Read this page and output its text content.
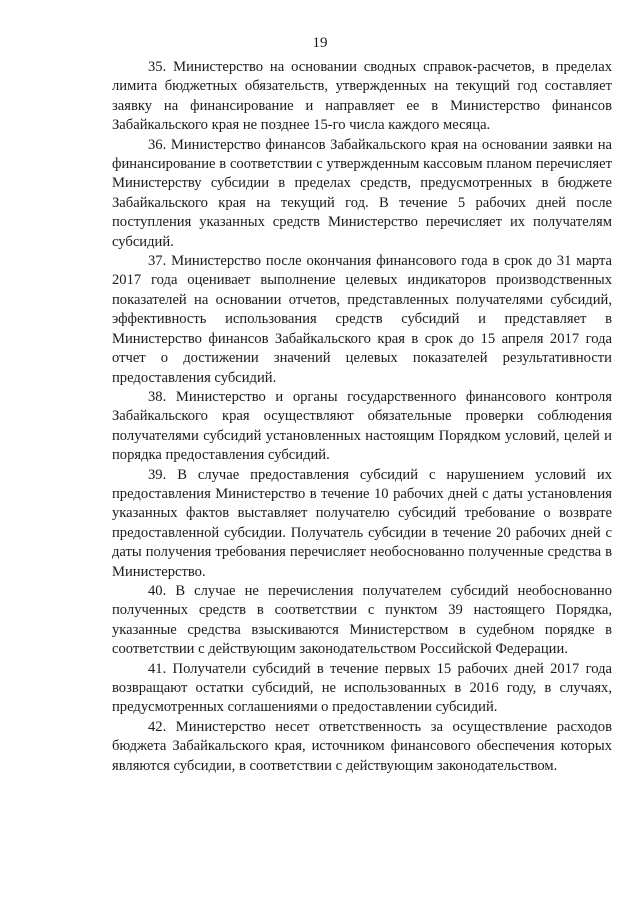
19

35. Министерство на основании сводных справок-расчетов, в пределах лимита бюджетных обязательств, утвержденных на текущий год составляет заявку на финансирование и направляет ее в Министерство финансов Забайкальского края не позднее 15-го числа каждого месяца.

36. Министерство финансов Забайкальского края на основании заявки на финансирование в соответствии с утвержденным кассовым планом перечисляет Министерству субсидии в пределах средств, предусмотренных в бюджете Забайкальского края на текущий год. В течение 5 рабочих дней после поступления указанных средств Министерство перечисляет их получателям субсидий.

37. Министерство после окончания финансового года в срок до 31 марта 2017 года оценивает выполнение целевых индикаторов производственных показателей на основании отчетов, представленных получателями субсидий, эффективность использования средств субсидий и представляет в Министерство финансов Забайкальского края в срок до 15 апреля 2017 года отчет о достижении значений целевых показателей результативности предоставления субсидий.

38. Министерство и органы государственного финансового контроля Забайкальского края осуществляют обязательные проверки соблюдения получателями субсидий установленных настоящим Порядком условий, целей и порядка предоставления субсидий.

39. В случае предоставления субсидий с нарушением условий их предоставления Министерство в течение 10 рабочих дней с даты установления указанных фактов выставляет получателю субсидий требование о возврате предоставленной субсидии. Получатель субсидии в течение 20 рабочих дней с даты получения требования перечисляет необоснованно полученные средства в Министерство.

40. В случае не перечисления получателем субсидий необоснованно полученных средств в соответствии с пунктом 39 настоящего Порядка, указанные средства взыскиваются Министерством в судебном порядке в соответствии с действующим законодательством Российской Федерации.

41. Получатели субсидий в течение первых 15 рабочих дней 2017 года возвращают остатки субсидий, не использованных в 2016 году, в случаях, предусмотренных соглашениями о предоставлении субсидий.

42. Министерство несет ответственность за осуществление расходов бюджета Забайкальского края, источником финансового обеспечения которых являются субсидии, в соответствии с действующим законодательством.
